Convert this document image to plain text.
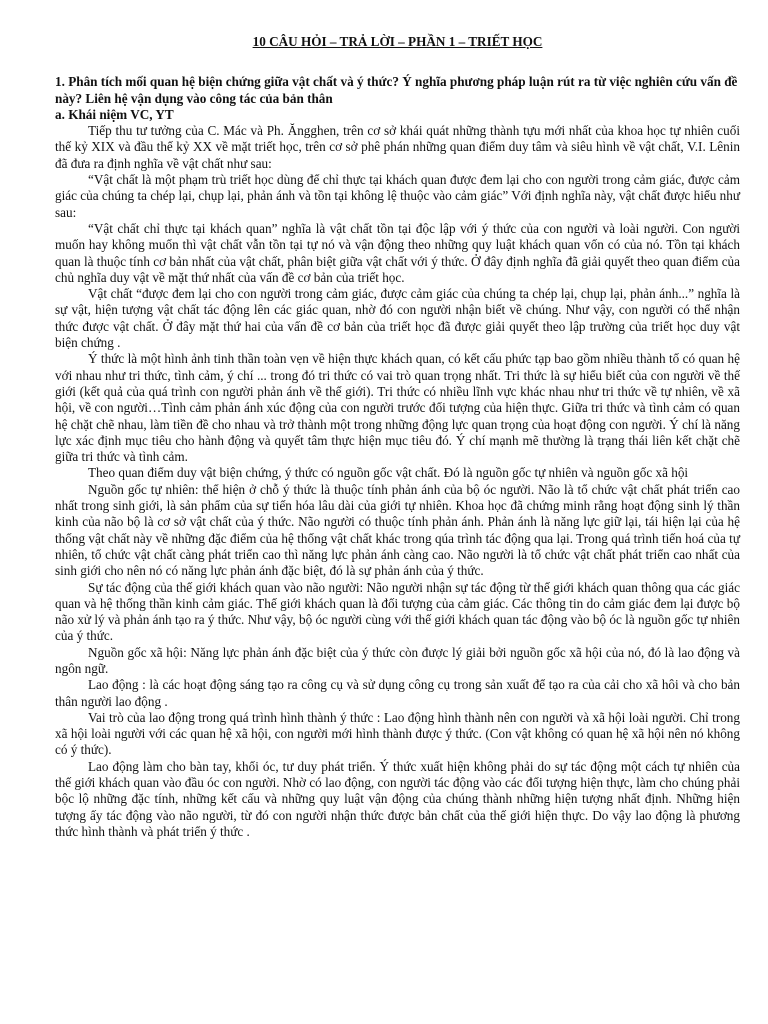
10 CÂU HỎI – TRẢ LỜI – PHẦN 1 – TRIẾT HỌC

1. Phân tích mối quan hệ biện chứng giữa vật chất và ý thức? Ý nghĩa phương pháp luận rút ra từ việc nghiên cứu vấn đề này? Liên hệ vận dụng vào công tác của bản thân

a. Khái niệm VC, YT

Tiếp thu tư tưởng của C. Mác và Ph. Ăngghen, trên cơ sở khái quát những thành tựu mới nhất của khoa học tự nhiên cuối thế kỷ XIX và đầu thế kỷ XX về mặt triết học, trên cơ sở phê phán những quan điểm duy tâm và siêu hình về vật chất, V.I. Lênin đã đưa ra định nghĩa về vật chất như sau:

“Vật chất là một phạm trù triết học dùng để chỉ thực tại khách quan được đem lại cho con người trong cảm giác, được cảm giác của chúng ta chép lại, chụp lại, phản ánh và tồn tại không lệ thuộc vào cảm giác” Với định nghĩa này, vật chất được hiểu như sau:

“Vật chất chỉ thực tại khách quan” nghĩa là vật chất tồn tại độc lập với ý thức của con người và loài người. Con người muốn hay không muốn thì vật chất vẫn tồn tại tự nó và vận động theo những quy luật khách quan vốn có của nó. Tồn tại khách quan là thuộc tính cơ bản nhất của vật chất, phân biệt giữa vật chất với ý thức. Ở đây định nghĩa đã giải quyết theo quan điểm của chủ nghĩa duy vật về mặt thứ nhất của vấn đề cơ bản của triết học.

Vật chất “được đem lại cho con người trong cảm giác, được cảm giác của chúng ta chép lại, chụp lại, phản ánh...” nghĩa là sự vật, hiện tượng vật chất tác động lên các giác quan, nhờ đó con người nhận biết về chúng. Như vậy, con người có thể nhận thức được vật chất. Ở đây mặt thứ hai của vấn đề cơ bản của triết học đã được giải quyết theo lập trường của triết học duy vật biện chứng .

Ý thức là một hình ảnh tinh thần toàn vẹn về hiện thực khách quan, có kết cấu phức tạp bao gồm nhiều thành tố có quan hệ với nhau như tri thức, tình cảm, ý chí ... trong đó tri thức có vai trò quan trọng nhất. Tri thức là sự hiểu biết của con người về thế giới (kết quả của quá trình con người phản ánh về thế giới). Tri thức có nhiều lĩnh vực khác nhau như tri thức về tự nhiên, về xã hội, về con người…Tình cảm phản ánh xúc động của con người trước đối tượng của hiện thực. Giữa tri thức và tình cảm có quan hệ chặt chẽ nhau, làm tiền đề cho nhau và trở thành một trong những động lực quan trọng của hoạt động con người. Ý chí là năng lực xác định mục tiêu cho hành động và quyết tâm thực hiện mục tiêu đó. Ý chí mạnh mẽ thường là trạng thái liên kết chặt chẽ giữa tri thức và tình cảm.

Theo quan điểm duy vật biện chứng, ý thức có nguồn gốc vật chất. Đó là nguồn gốc tự nhiên và nguồn gốc xã hội

Nguồn gốc tự nhiên: thể hiện ở chỗ ý thức là thuộc tính phản ánh của bộ óc người. Não là tổ chức vật chất phát triển cao nhất trong sinh giới, là sản phẩm của sự tiến hóa lâu dài của giới tự nhiên. Khoa học đã chứng minh rằng hoạt động sinh lý thần kinh của não bộ là cơ sở vật chất của ý thức. Não người có thuộc tính phản ánh. Phản ánh là năng lực giữ lại, tái hiện lại của hệ thống vật chất này về những đặc điểm của hệ thống vật chất khác trong qúa trình tác động qua lại. Trong quá trình tiến hoá của tự nhiên, tổ chức vật chất càng phát triển cao thì năng lực phản ánh càng cao. Não người là tổ chức vật chất phát triển cao nhất của sinh giới cho nên nó có năng lực phản ánh đặc biệt, đó là sự phản ánh của ý thức.

Sự tác động của thế giới khách quan vào não người: Não người nhận sự tác động từ thế giới khách quan thông qua các giác quan và hệ thống thần kinh cảm giác. Thế giới khách quan là đối tượng của cảm giác. Các thông tin do cảm giác đem lại được bộ não xử lý và phản ánh tạo ra ý thức. Như vậy, bộ óc người cùng với thế giới khách quan tác động vào bộ óc là nguồn gốc tự nhiên của ý thức.

Nguồn gốc xã hội: Năng lực phản ánh đặc biệt của ý thức còn được lý giải bởi nguồn gốc xã hội của nó, đó là lao động và ngôn ngữ.

Lao động : là các hoạt động sáng tạo ra công cụ và sử dụng công cụ trong sản xuất để tạo ra của cải cho xã hôi và cho bản thân người lao động .

Vai trò của lao động trong quá trình hình thành ý thức : Lao động hình thành nên con người và xã hội loài người. Chỉ trong xã hội loài người với các quan hệ xã hội, con người mới hình thành được ý thức. (Con vật không có quan hệ xã hội nên nó không có ý thức).

Lao động làm cho bàn tay, khối óc, tư duy phát triển. Ý thức xuất hiện không phải do sự tác động một cách tự nhiên của thế giới khách quan vào đầu óc con người. Nhờ có lao động, con người tác động vào các đối tượng hiện thực, làm cho chúng phải bộc lộ những đặc tính, những kết cấu và những quy luật vận động của chúng thành những hiện tượng nhất định. Những hiện tượng ấy tác động vào não người, từ đó con người nhận thức được bản chất của thế giới hiện thực. Do vậy lao động là phương thức hình thành và phát triển ý thức .
